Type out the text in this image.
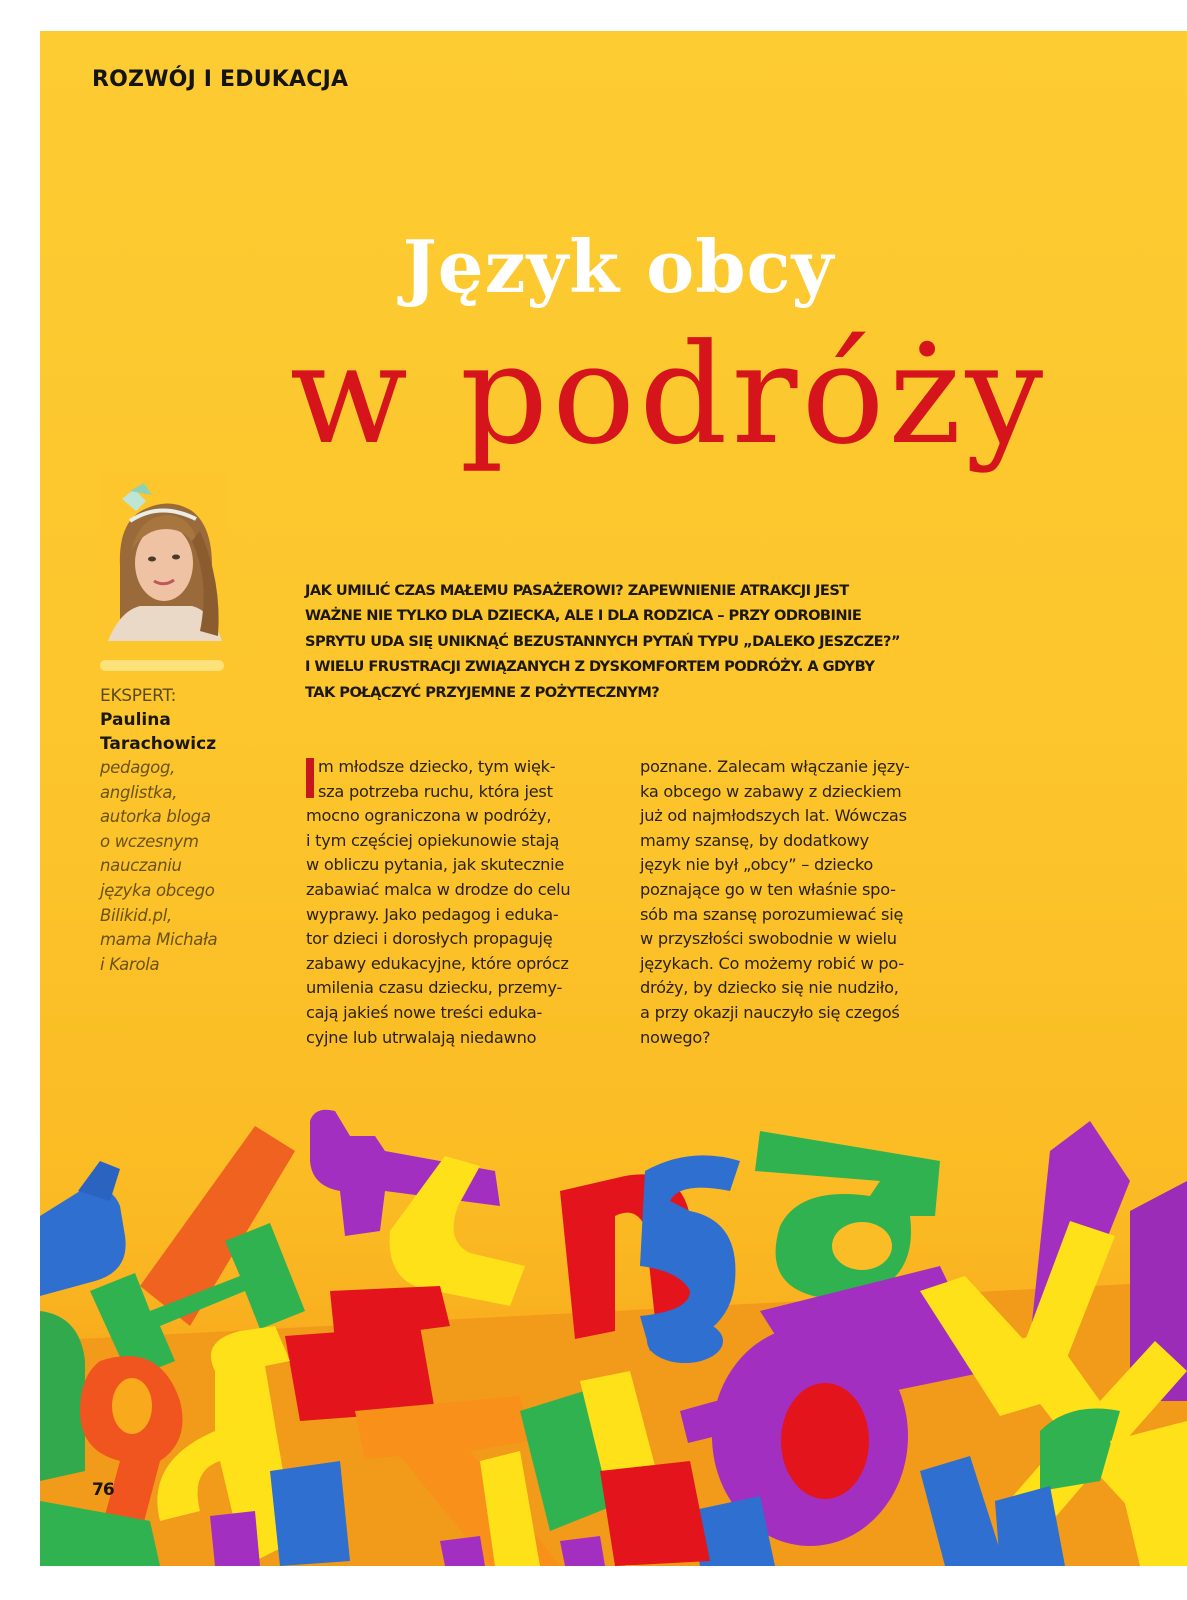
ROZWÓJ I EDUKACJA
Język obcy
w podróży
EKSPERT:
Paulina
Tarachowicz
pedagog,
anglistka,
autorka bloga
o wczesnym
nauczaniu
języka obcego
Bilikid.pl,
mama Michała
i Karola
JAK UMILIĆ CZAS MAŁEMU PASAŻEROWI? ZAPEWNIENIE ATRAKCJI JEST
WAŻNE NIE TYLKO DLA DZIECKA, ALE I DLA RODZICA – PRZY ODROBINIE
SPRYTU UDA SIĘ UNIKNĄĆ BEZUSTANNYCH PYTAŃ TYPU „DALEKO JESZCZE?”
I WIELU FRUSTRACJI ZWIĄZANYCH Z DYSKOMFORTEM PODRÓŻY. A GDYBY
TAK POŁĄCZYĆ PRZYJEMNE Z POŻYTECZNYM?
m młodsze dziecko, tym więk-
sza potrzeba ruchu, która jest
mocno ograniczona w podróży,
i tym częściej opiekunowie stają
w obliczu pytania, jak skutecznie
zabawiać malca w drodze do celu
wyprawy. Jako pedagog i eduka-
tor dzieci i dorosłych propaguję
zabawy edukacyjne, które oprócz
umilenia czasu dziecku, przemy-
cają jakieś nowe treści eduka-
cyjne lub utrwalają niedawno
poznane. Zalecam włączanie języ-
ka obcego w zabawy z dzieckiem
już od najmłodszych lat. Wówczas
mamy szansę, by dodatkowy
język nie był „obcy” – dziecko
poznające go w ten właśnie spo-
sób ma szansę porozumiewać się
w przyszłości swobodnie w wielu
językach. Co możemy robić w po-
dróży, by dziecko się nie nudziło,
a przy okazji nauczyło się czegoś
nowego?
76
